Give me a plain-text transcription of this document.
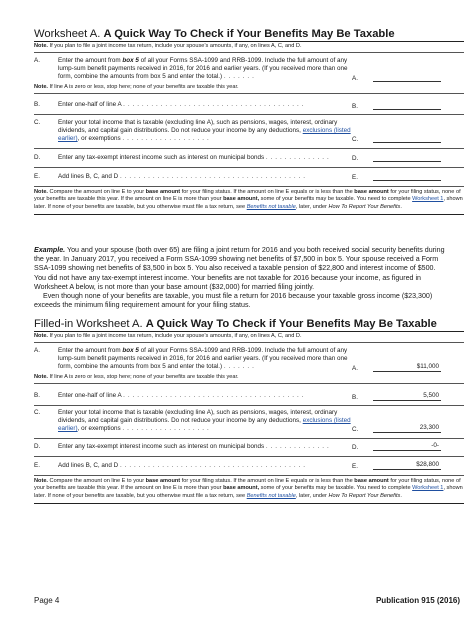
Worksheet A. A Quick Way To Check if Your Benefits May Be Taxable
Note. If you plan to file a joint income tax return, include your spouse’s amounts, if any, on lines A, C, and D.
A.	Enter the amount from box 5 of all your Forms SSA-1099 and RRB-1099. Include the full amount of any lump-sum benefit payments received in 2016, for 2016 and earlier years. (If you received more than one form, combine the amounts from box 5 and enter the total.) . . . . . . .	A.
Note. If line A is zero or less, stop here; none of your benefits are taxable this year.
B.	Enter one-half of line A . . . . . . . . . . . . . . . . . . . . . . . . . . . . . . . . . . . . . . .	B.
C.	Enter your total income that is taxable (excluding line A), such as pensions, wages, interest, ordinary dividends, and capital gain distributions. Do not reduce your income by any deductions, exclusions (listed earlier), or exemptions . . . . . . . . . . . . . . . . . . .	C.
D.	Enter any tax-exempt interest income such as interest on municipal bonds . . . . . . . . . . . . . .	D.
E.	Add lines B, C, and D . . . . . . . . . . . . . . . . . . . . . . . . . . . . . . . . . . . . . . . .	E.
Note. Compare the amount on line E to your base amount for your filing status. If the amount on line E equals or is less than the base amount for your filing status, none of your benefits are taxable this year. If the amount on line E is more than your base amount, some of your benefits may be taxable. You need to complete Worksheet 1, shown later. If none of your benefits are taxable, but you otherwise must file a tax return, see Benefits not taxable, later, under How To Report Your Benefits.

Example. You and your spouse (both over 65) are filing a joint return for 2016 and you both received social security benefits during the year. In January 2017, you received a Form SSA-1099 showing net benefits of $7,500 in box 5. Your spouse received a Form SSA-1099 showing net benefits of $3,500 in box 5. You also received a taxable pension of $22,800 and interest income of $500. You did not have any tax-exempt interest income. Your benefits are not taxable for 2016 because your income, as figured in Worksheet A below, is not more than your base amount ($32,000) for married filing jointly.

Even though none of your benefits are taxable, you must file a return for 2016 because your taxable gross income ($23,300) exceeds the minimum filing requirement amount for your filing status.

Filled-in Worksheet A. A Quick Way To Check if Your Benefits May Be Taxable
Note. If you plan to file a joint income tax return, include your spouse’s amounts, if any, on lines A, C, and D.
A.	Enter the amount from box 5 of all your Forms SSA-1099 and RRB-1099. Include the full amount of any lump-sum benefit payments received in 2016, for 2016 and earlier years. (If you received more than one form, combine the amounts from box 5 and enter the total.) . . . . . . .	A.	$11,000
Note. If line A is zero or less, stop here; none of your benefits are taxable this year.
B.	Enter one-half of line A . . . . . . . . . . . . . . . . . . . . . . . . . . . . . . . . . . . . . . .	B.	5,500
C.	Enter your total income that is taxable (excluding line A), such as pensions, wages, interest, ordinary dividends, and capital gain distributions. Do not reduce your income by any deductions, exclusions (listed earlier), or exemptions . . . . . . . . . . . . . . . . . . .	C.	23,300
D.	Enter any tax-exempt interest income such as interest on municipal bonds . . . . . . . . . . . . . .	D.	-0-
E.	Add lines B, C, and D . . . . . . . . . . . . . . . . . . . . . . . . . . . . . . . . . . . . . . . .	E.	$28,800
Note. Compare the amount on line E to your base amount for your filing status. If the amount on line E equals or is less than the base amount for your filing status, none of your benefits are taxable this year. If the amount on line E is more than your base amount, some of your benefits may be taxable. You need to complete Worksheet 1, shown later. If none of your benefits are taxable, but you otherwise must file a tax return, see Benefits not taxable, later, under How To Report Your Benefits.
Page 4	Publication 915 (2016)
